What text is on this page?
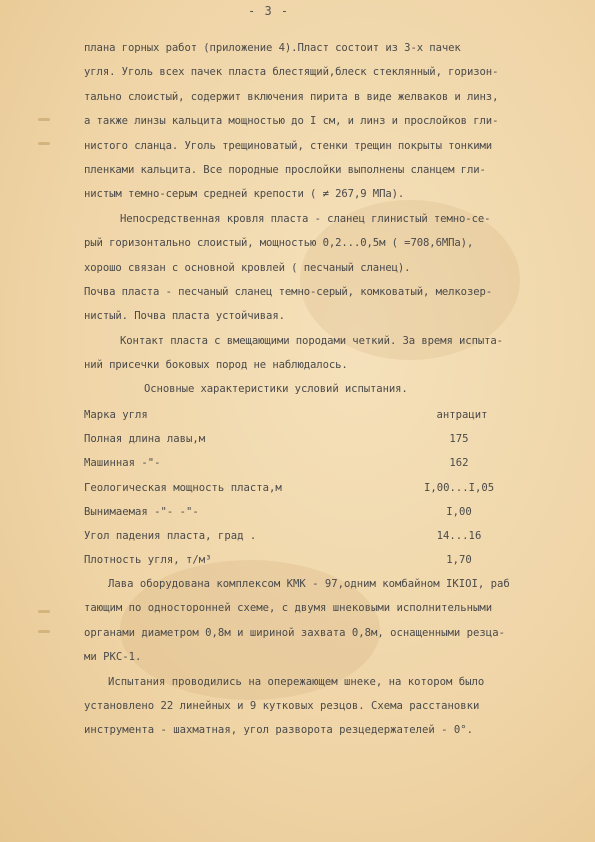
- 3 -
плана горных работ (приложение 4).Пласт состоит из 3-х пачек
угля. Уголь всех пачек пласта блестящий,блеск стеклянный, горизон-
тально слоистый, содержит включения пирита в виде желваков и линз,
а также линзы кальцита мощностью до I см, и линз и прослойков гли-
нистого сланца. Уголь трещиноватый, стенки трещин покрыты тонкими
пленками кальцита. Все породные прослойки выполнены сланцем гли-
нистым темно-серым средней крепости ( ≠ 267,9 МПа).
Непосредственная кровля пласта - сланец глинистый темно-се-
рый горизонтально слоистый, мощностью 0,2...0,5м ( =708,6МПа),
хорошо связан с основной кровлей ( песчаный сланец).
Почва пласта - песчаный сланец темно-серый, комковатый, мелкозер-
нистый. Почва пласта устойчивая.
Контакт пласта с вмещающими породами четкий. За время испыта-
ний присечки боковых пород не наблюдалось.
Основные характеристики условий испытания.
Марка угля	антрацит
Полная длина лавы,м	175
Машинная -"-	162
Геологическая мощность пласта,м	I,00...I,05
Вынимаемая -"- -"-	I,00
Угол падения пласта, град .	14...16
Плотность угля, т/м³	1,70
Лава оборудована комплексом КМК - 97,одним комбайном IКIOI, раб
тающим по односторонней схеме, с двумя шнековыми исполнительными
органами диаметром 0,8м и шириной захвата 0,8м, оснащенными резца-
ми РКС-1.
Испытания проводились на опережающем шнеке, на котором было
установлено 22 линейных и 9 кутковых резцов. Схема расстановки
инструмента - шахматная, угол разворота резцедержателей - 0°.
